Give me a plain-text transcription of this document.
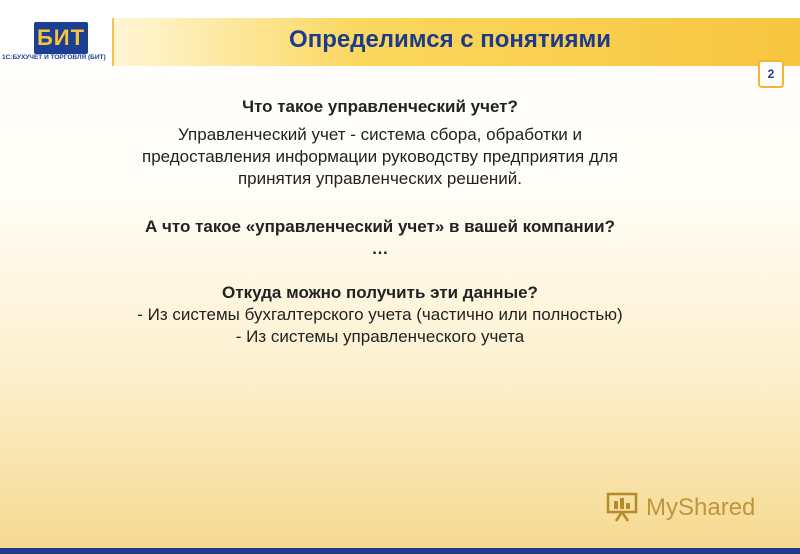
БИТ
1С:БУХУЧЕТ И ТОРГОВЛЯ (БИТ)
Определимся с понятиями
2

Что такое управленческий учет?

Управленческий учет - система сбора, обработки и

предоставления информации руководству предприятия для

принятия управленческих решений.

А что такое «управленческий учет» в вашей компании?

…

Откуда можно получить эти данные?

- Из системы бухгалтерского учета (частично или полностью)

- Из системы управленческого учета

MyShared
